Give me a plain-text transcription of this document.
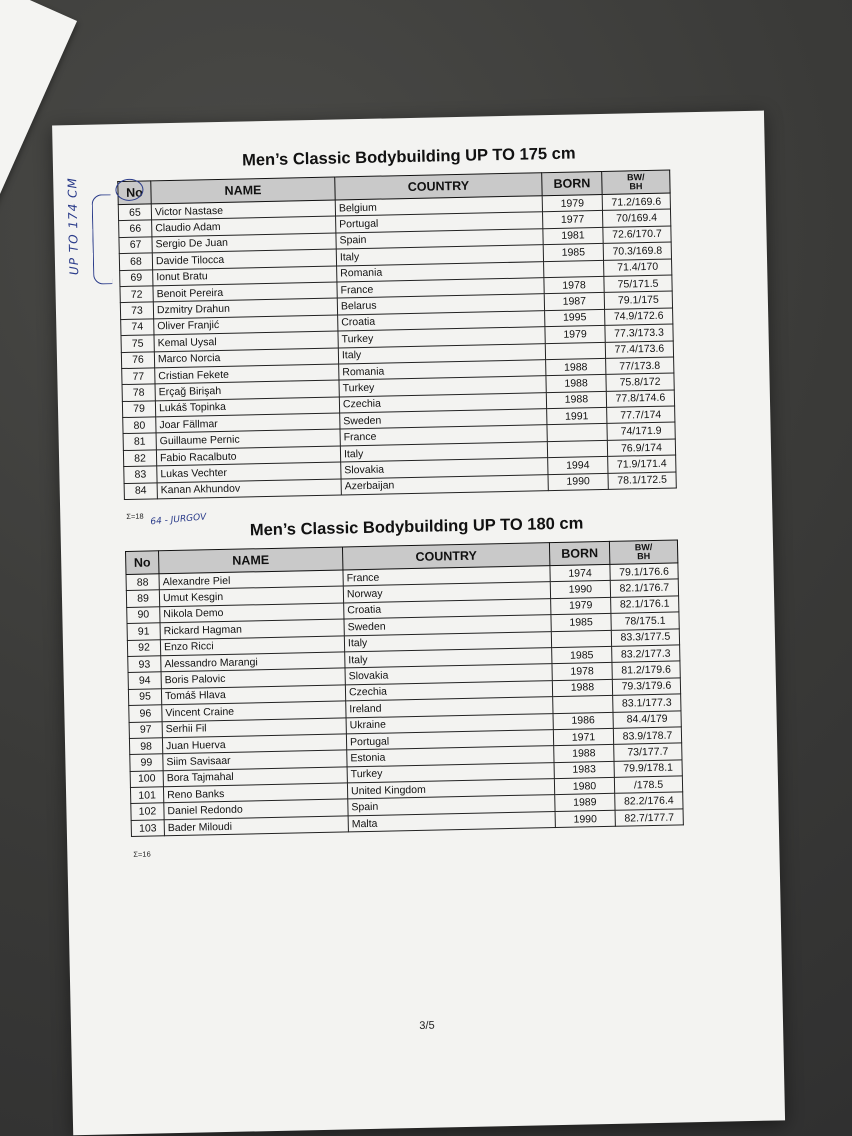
Men’s Classic Bodybuilding UP TO 175 cm
No	NAME	COUNTRY	BORN	BW/
BH
65	Victor Nastase	Belgium	1979	71.2/169.6
66	Claudio Adam	Portugal	1977	70/169.4
67	Sergio De Juan	Spain	1981	72.6/170.7
68	Davide Tilocca	Italy	1985	70.3/169.8
69	Ionut Bratu	Romania		71.4/170
72	Benoit Pereira	France	1978	75/171.5
73	Dzmitry Drahun	Belarus	1987	79.1/175
74	Oliver Franjić	Croatia	1995	74.9/172.6
75	Kemal Uysal	Turkey	1979	77.3/173.3
76	Marco Norcia	Italy		77.4/173.6
77	Cristian Fekete	Romania	1988	77/173.8
78	Erçağ Birişah	Turkey	1988	75.8/172
79	Lukáš Topinka	Czechia	1988	77.8/174.6
80	Joar Fällmar	Sweden	1991	77.7/174
81	Guillaume Pernic	France		74/171.9
82	Fabio Racalbuto	Italy		76.9/174
83	Lukas Vechter	Slovakia	1994	71.9/171.4
84	Kanan Akhundov	Azerbaijan	1990	78.1/172.5
Σ=18	Men’s Classic Bodybuilding UP TO 180 cm
No	NAME	COUNTRY	BORN	BW/
BH
88	Alexandre Piel	France	1974	79.1/176.6
89	Umut Kesgin	Norway	1990	82.1/176.7
90	Nikola Demo	Croatia	1979	82.1/176.1
91	Rickard Hagman	Sweden	1985	78/175.1
92	Enzo Ricci	Italy		83.3/177.5
93	Alessandro Marangi	Italy	1985	83.2/177.3
94	Boris Palovic	Slovakia	1978	81.2/179.6
95	Tomáš Hlava	Czechia	1988	79.3/179.6
96	Vincent Craine	Ireland		83.1/177.3
97	Serhii Fil	Ukraine	1986	84.4/179
98	Juan Huerva	Portugal	1971	83.9/178.7
99	Siim Savisaar	Estonia	1988	73/177.7
100	Bora Tajmahal	Turkey	1983	79.9/178.1
101	Reno Banks	United Kingdom	1980	/178.5
102	Daniel Redondo	Spain	1989	82.2/176.4
103	Bader Miloudi	Malta	1990	82.7/177.7
Σ=16
3/5
UP TO 174 CM
64 - JURGOV
